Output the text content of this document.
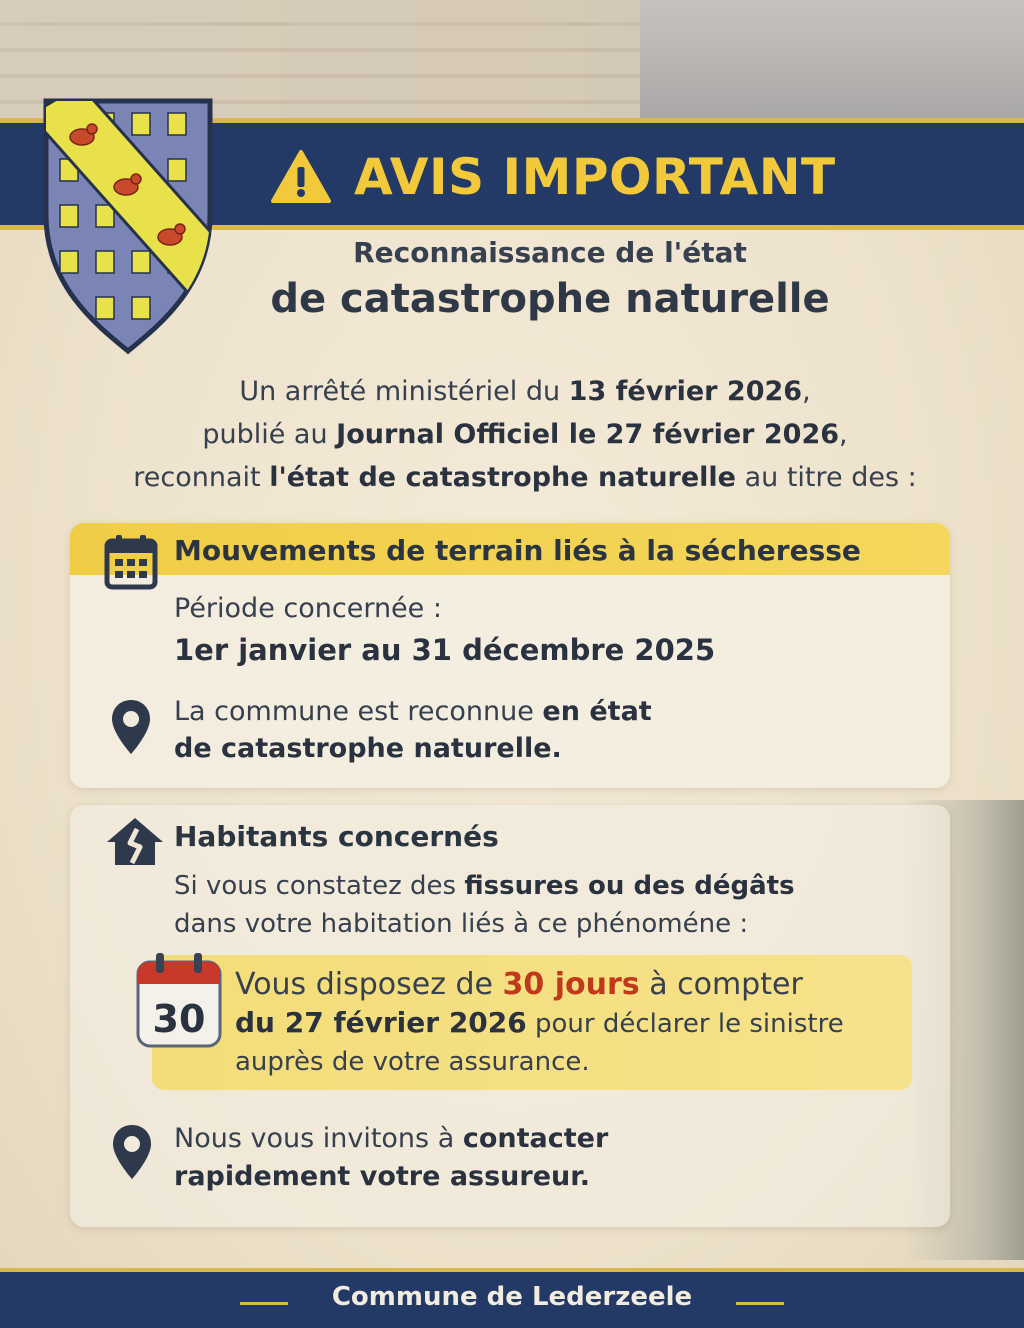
AVIS IMPORTANT
Reconnaissance de l'état
de catastrophe naturelle
Un arrêté ministériel du 13 février 2026,
publié au Journal Officiel le 27 février 2026,
reconnait l'état de catastrophe naturelle au titre des :
Mouvements de terrain liés à la sécheresse
Période concernée :
1er janvier au 31 décembre 2025
La commune est reconnue en état
de catastrophe naturelle.
Habitants concernés
Si vous constatez des fissures ou des dégâts
dans votre habitation liés à ce phénoméne :
30
Vous disposez de 30 jours à compter
du 27 février 2026 pour déclarer le sinistre
auprès de votre assurance.
Nous vous invitons à contacter
rapidement votre assureur.
Commune de Lederzeele
